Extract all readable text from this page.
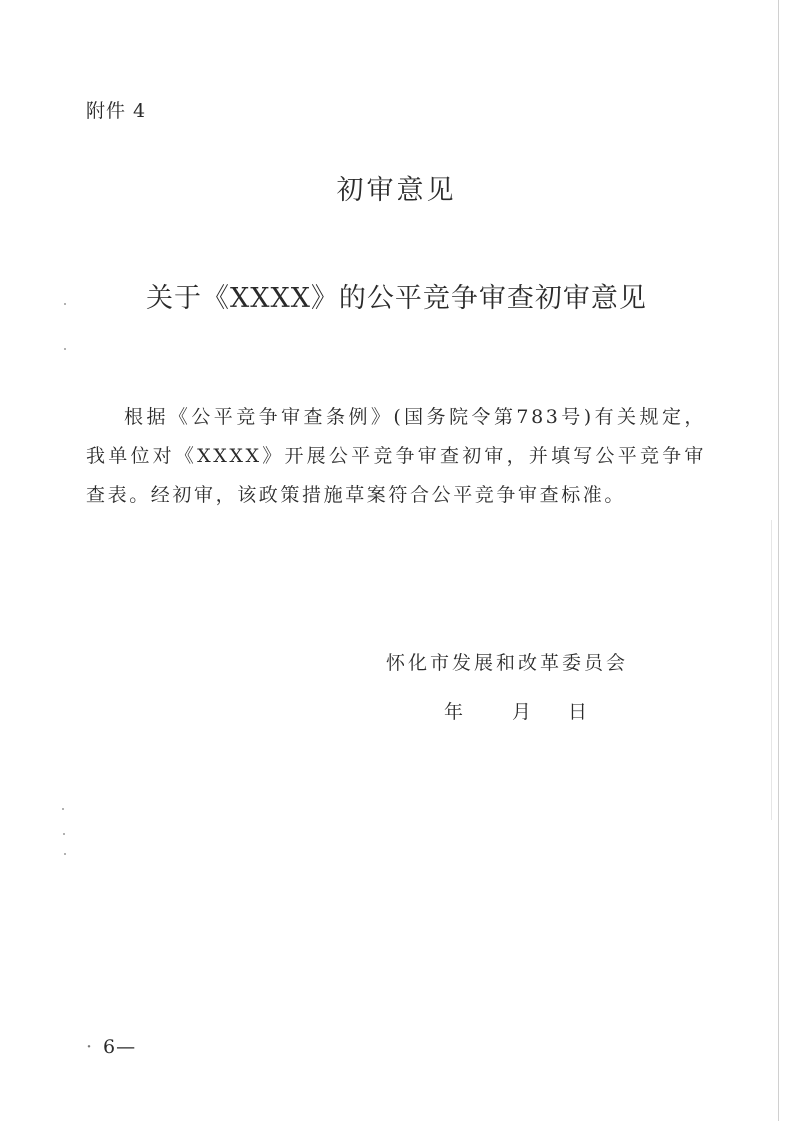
附件 4
初审意见
关于《XXXX》的公平竞争审查初审意见

根据《公平竞争审查条例》(国务院令第783号)有关规定，我单位对《XXXX》开展公平竞争审查初审，并填写公平竞争审查表。经初审，该政策措施草案符合公平竞争审查标准。

怀化市发展和改革委员会
年	月	日
· 6—
